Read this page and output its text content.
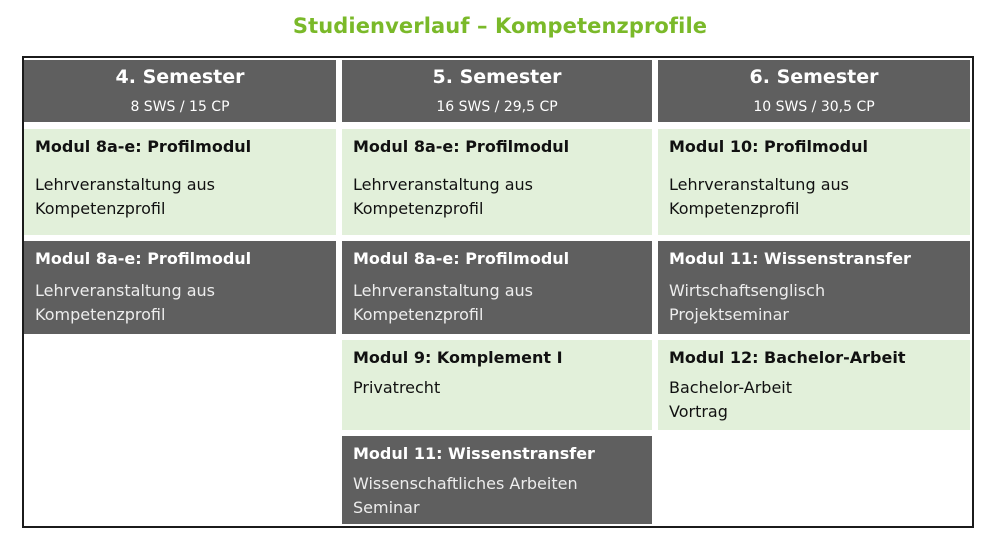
Studienverlauf – Kompetenzprofile
4. Semester
8 SWS / 15 CP
Modul 8a-e: Profilmodul
Lehrveranstaltung aus
Kompetenzprofil
Modul 8a-e: Profilmodul
Lehrveranstaltung aus
Kompetenzprofil
5. Semester
16 SWS / 29,5 CP
Modul 8a-e: Profilmodul
Lehrveranstaltung aus
Kompetenzprofil
Modul 8a-e: Profilmodul
Lehrveranstaltung aus
Kompetenzprofil
Modul 9: Komplement I
Privatrecht
Modul 11: Wissenstransfer
Wissenschaftliches Arbeiten
Seminar
6. Semester
10 SWS / 30,5 CP
Modul 10: Profilmodul
Lehrveranstaltung aus
Kompetenzprofil
Modul 11: Wissenstransfer
Wirtschaftsenglisch
Projektseminar
Modul 12: Bachelor-Arbeit
Bachelor-Arbeit
Vortrag
